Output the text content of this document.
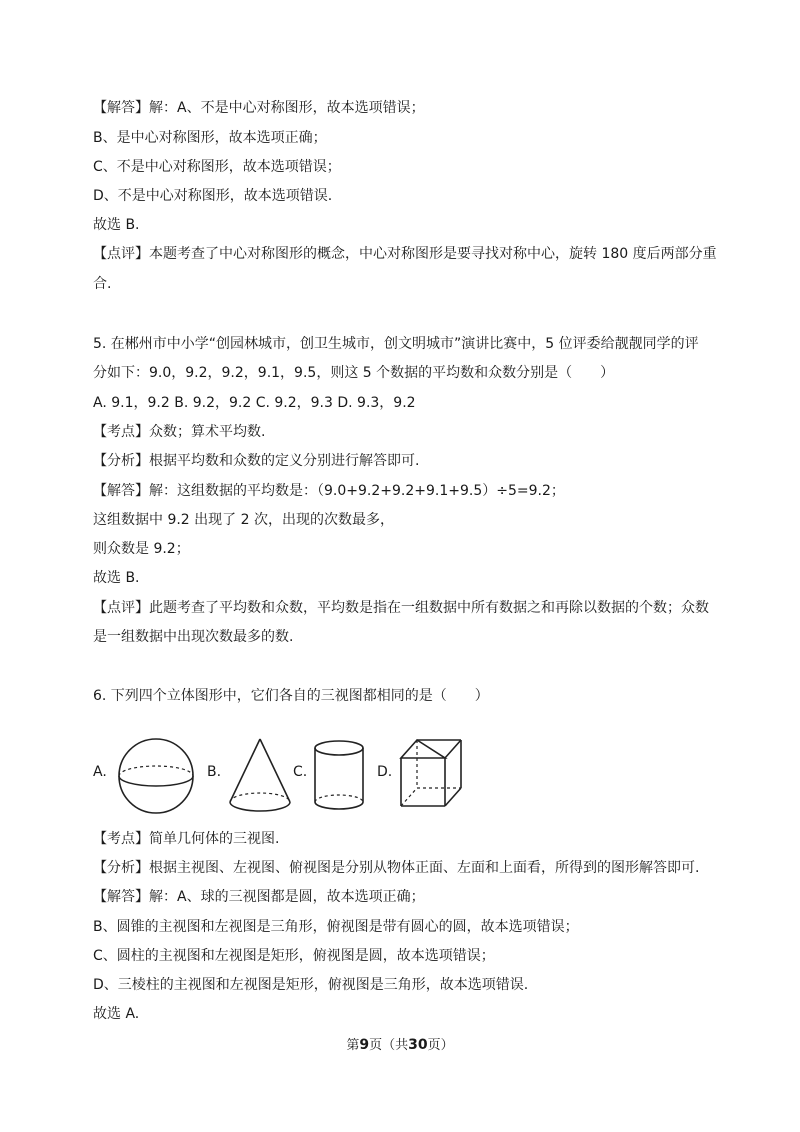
【解答】解：A、不是中心对称图形，故本选项错误；
B、是中心对称图形，故本选项正确；
C、不是中心对称图形，故本选项错误；
D、不是中心对称图形，故本选项错误.
故选 B.
【点评】本题考查了中心对称图形的概念，中心对称图形是要寻找对称中心，旋转 180 度后两部分重
合.
5. 在郴州市中小学“创园林城市，创卫生城市，创文明城市”演讲比赛中，5 位评委给靓靓同学的评
分如下：9.0，9.2，9.2，9.1，9.5，则这 5 个数据的平均数和众数分别是（　　）
A. 9.1，9.2 B. 9.2，9.2 C. 9.2，9.3 D. 9.3，9.2
【考点】众数；算术平均数.
【分析】根据平均数和众数的定义分别进行解答即可.
【解答】解：这组数据的平均数是：（9.0+9.2+9.2+9.1+9.5）÷5=9.2；
这组数据中 9.2 出现了 2 次，出现的次数最多，
则众数是 9.2；
故选 B.
【点评】此题考查了平均数和众数，平均数是指在一组数据中所有数据之和再除以数据的个数；众数
是一组数据中出现次数最多的数.
6. 下列四个立体图形中，它们各自的三视图都相同的是（　　）
A.	B.	C.	D.
【考点】简单几何体的三视图.
【分析】根据主视图、左视图、俯视图是分别从物体正面、左面和上面看，所得到的图形解答即可.
【解答】解：A、球的三视图都是圆，故本选项正确；
B、圆锥的主视图和左视图是三角形，俯视图是带有圆心的圆，故本选项错误；
C、圆柱的主视图和左视图是矩形，俯视图是圆，故本选项错误；
D、三棱柱的主视图和左视图是矩形，俯视图是三角形，故本选项错误.
故选 A.
第9页（共30页）
